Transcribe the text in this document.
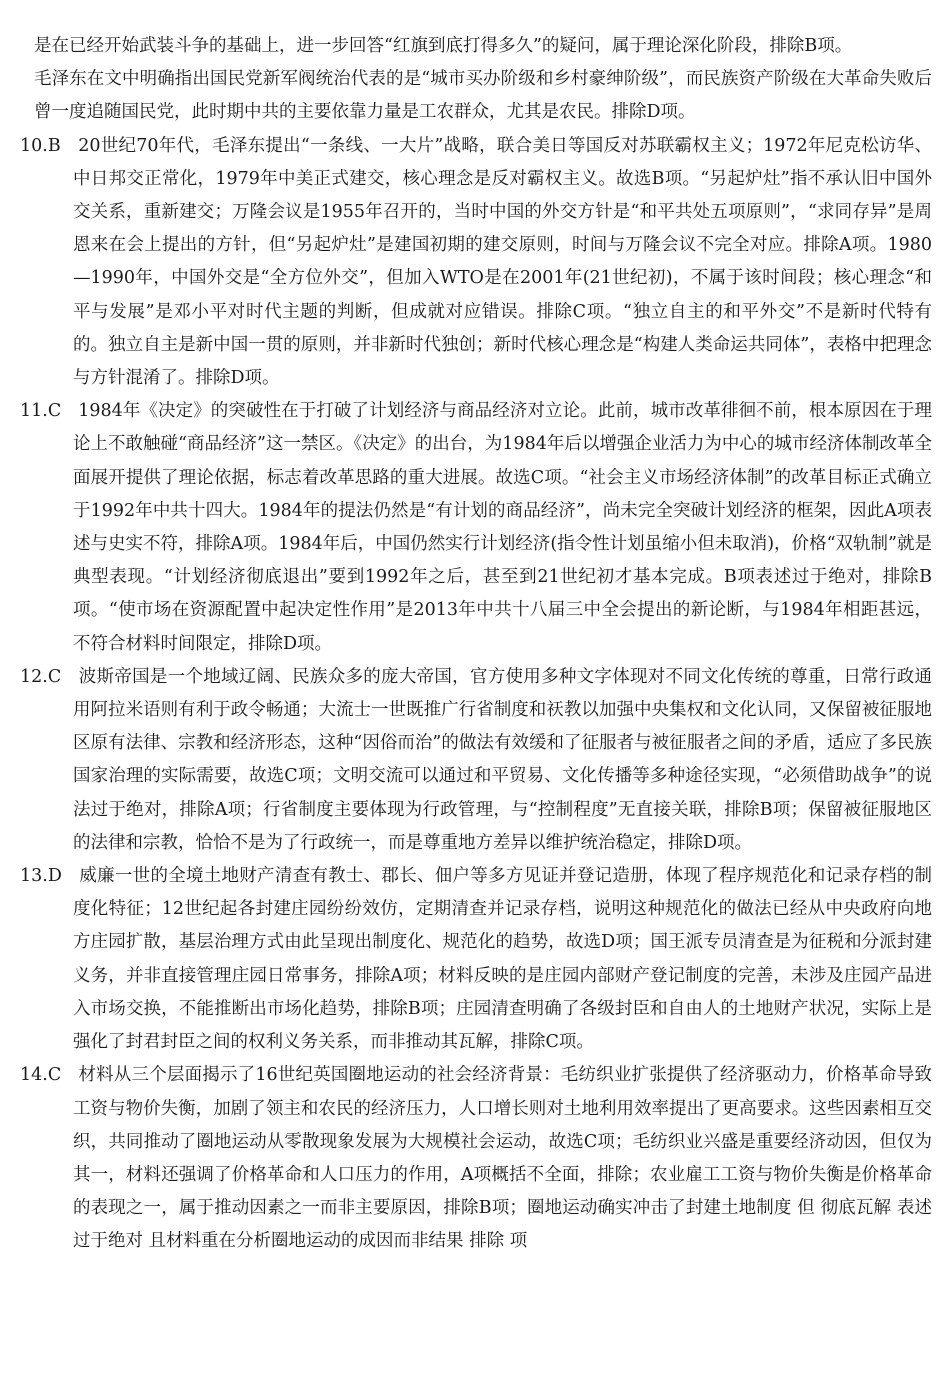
是在已经开始武装斗争的基础上，进一步回答“红旗到底打得多久”的疑问，属于理论深化阶段，排除B项。

毛泽东在文中明确指出国民党新军阀统治代表的是“城市买办阶级和乡村豪绅阶级”，而民族资产阶级在大革命失败后曾一度追随国民党，此时期中共的主要依靠力量是工农群众，尤其是农民。排除D项。

10.B 20世纪70年代，毛泽东提出“一条线、一大片”战略，联合美日等国反对苏联霸权主义；1972年尼克松访华、中日邦交正常化，1979年中美正式建交，核心理念是反对霸权主义。故选B项。“另起炉灶”指不承认旧中国外交关系，重新建交；万隆会议是1955年召开的，当时中国的外交方针是“和平共处五项原则”，“求同存异”是周恩来在会上提出的方针，但“另起炉灶”是建国初期的建交原则，时间与万隆会议不完全对应。排除A项。1980—1990年，中国外交是“全方位外交”，但加入WTO是在2001年(21世纪初)，不属于该时间段；核心理念“和平与发展”是邓小平对时代主题的判断，但成就对应错误。排除C项。“独立自主的和平外交”不是新时代特有的。独立自主是新中国一贯的原则，并非新时代独创；新时代核心理念是“构建人类命运共同体”，表格中把理念与方针混淆了。排除D项。

11.C 1984年《决定》的突破性在于打破了计划经济与商品经济对立论。此前，城市改革徘徊不前，根本原因在于理论上不敢触碰“商品经济”这一禁区。《决定》的出台，为1984年后以增强企业活力为中心的城市经济体制改革全面展开提供了理论依据，标志着改革思路的重大进展。故选C项。“社会主义市场经济体制”的改革目标正式确立于1992年中共十四大。1984年的提法仍然是“有计划的商品经济”，尚未完全突破计划经济的框架，因此A项表述与史实不符，排除A项。1984年后，中国仍然实行计划经济(指令性计划虽缩小但未取消)，价格“双轨制”就是典型表现。“计划经济彻底退出”要到1992年之后，甚至到21世纪初才基本完成。B项表述过于绝对，排除B项。“使市场在资源配置中起决定性作用”是2013年中共十八届三中全会提出的新论断，与1984年相距甚远，不符合材料时间限定，排除D项。

12.C 波斯帝国是一个地域辽阔、民族众多的庞大帝国，官方使用多种文字体现对不同文化传统的尊重，日常行政通用阿拉米语则有利于政令畅通；大流士一世既推广行省制度和祆教以加强中央集权和文化认同，又保留被征服地区原有法律、宗教和经济形态，这种“因俗而治”的做法有效缓和了征服者与被征服者之间的矛盾，适应了多民族国家治理的实际需要，故选C项；文明交流可以通过和平贸易、文化传播等多种途径实现，“必须借助战争”的说法过于绝对，排除A项；行省制度主要体现为行政管理，与“控制程度”无直接关联，排除B项；保留被征服地区的法律和宗教，恰恰不是为了行政统一，而是尊重地方差异以维护统治稳定，排除D项。

13.D 威廉一世的全境土地财产清查有教士、郡长、佃户等多方见证并登记造册，体现了程序规范化和记录存档的制度化特征；12世纪起各封建庄园纷纷效仿，定期清查并记录存档，说明这种规范化的做法已经从中央政府向地方庄园扩散，基层治理方式由此呈现出制度化、规范化的趋势，故选D项；国王派专员清查是为征税和分派封建义务，并非直接管理庄园日常事务，排除A项；材料反映的是庄园内部财产登记制度的完善，未涉及庄园产品进入市场交换，不能推断出市场化趋势，排除B项；庄园清查明确了各级封臣和自由人的土地财产状况，实际上是强化了封君封臣之间的权利义务关系，而非推动其瓦解，排除C项。

14.C 材料从三个层面揭示了16世纪英国圈地运动的社会经济背景：毛纺织业扩张提供了经济驱动力，价格革命导致工资与物价失衡，加剧了领主和农民的经济压力，人口增长则对土地利用效率提出了更高要求。这些因素相互交织，共同推动了圈地运动从零散现象发展为大规模社会运动，故选C项；毛纺织业兴盛是重要经济动因，但仅为其一，材料还强调了价格革命和人口压力的作用，A项概括不全面，排除；农业雇工工资与物价失衡是价格革命的表现之一，属于推动因素之一而非主要原因，排除B项；圈地运动确实冲击了封建土地制度 但 彻底瓦解 表述过于绝对 且材料重在分析圈地运动的成因而非结果 排除 项
